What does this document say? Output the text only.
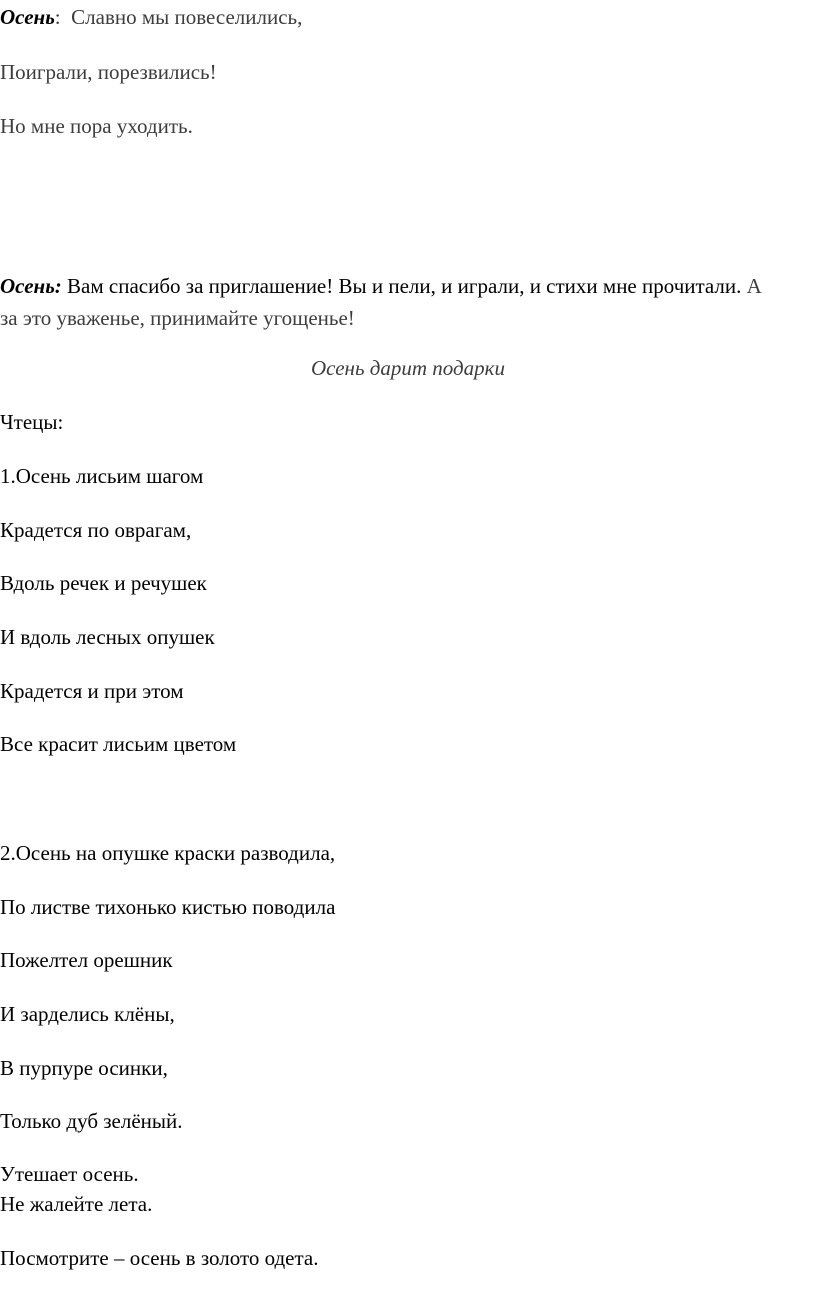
Осень: Славно мы повеселились,
Поиграли, порезвились!
Но мне пора уходить.
Осень: Вам спасибо за приглашение! Вы и пели, и играли, и стихи мне прочитали. А за это уваженье, принимайте угощенье!
Осень дарит подарки
Чтецы:
1.Осень лисьим шагом
Крадется по оврагам,
Вдоль речек и речушек
И вдоль лесных опушек
Крадется и при этом
Все красит лисьим цветом
2.Осень на опушке краски разводила,
По листве тихонько кистью поводила
Пожелтел орешник
И зарделись клёны,
В пурпуре осинки,
Только дуб зелёный.
Утешает осень.
Не жалейте лета.
Посмотрите – осень в золото одета.
